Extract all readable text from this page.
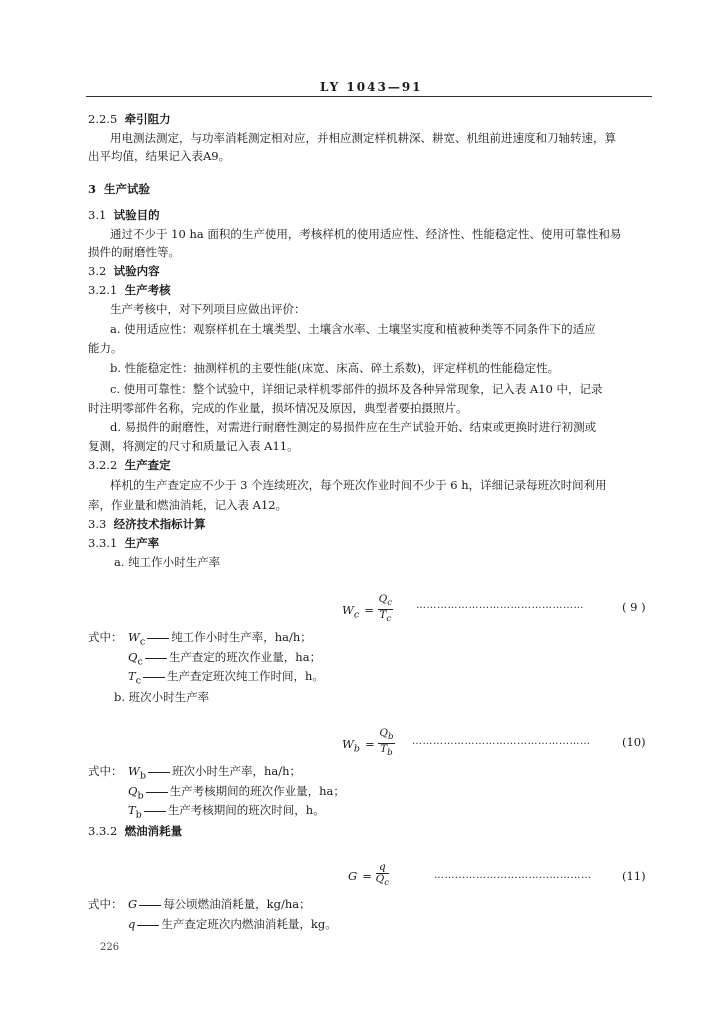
LY 1043—91
2.2.5 牵引阻力
用电测法测定，与功率消耗测定相对应，并相应测定样机耕深、耕宽、机组前进速度和刀轴转速，算
出平均值，结果记入表A9。
3 生产试验
3.1 试验目的
通过不少于 10 ha 面积的生产使用，考核样机的使用适应性、经济性、性能稳定性、使用可靠性和易
损件的耐磨性等。
3.2 试验内容
3.2.1 生产考核
生产考核中，对下列项目应做出评价：
a. 使用适应性：观察样机在土壤类型、土壤含水率、土壤坚实度和植被种类等不同条件下的适应
能力。
b. 性能稳定性：抽测样机的主要性能(床宽、床高、碎土系数)，评定样机的性能稳定性。
c. 使用可靠性：整个试验中，详细记录样机零部件的损坏及各种异常现象，记入表 A10 中，记录
时注明零部件名称，完成的作业量，损坏情况及原因，典型者要拍摄照片。
d. 易损件的耐磨性，对需进行耐磨性测定的易损件应在生产试验开始、结束或更换时进行初测或
复测，将测定的尺寸和质量记入表 A11。
3.2.2 生产查定
样机的生产查定应不少于 3 个连续班次，每个班次作业时间不少于 6 h，详细记录每班次时间利用
率，作业量和燃油消耗，记入表 A12。
3.3 经济技术指标计算
3.3.1 生产率
a. 纯工作小时生产率
$W_c = \frac{Q_c}{T_c}$ …………………………………………	( 9 )
式中： $W_c$ 纯工作小时生产率，ha/h；
$Q_c$ 生产查定的班次作业量，ha；
$T_c$ 生产查定班次纯工作时间，h。
b. 班次小时生产率
$W_b = \frac{Q_b}{T_b}$ ……………………………………………	(10)
式中： $W_b$ 班次小时生产率，ha/h；
$Q_b$ 生产考核期间的班次作业量，ha；
$T_b$ 生产考核期间的班次时间，h。
3.3.2 燃油消耗量
$G = \frac{q}{Q_c}$	………………………………………	(11)
式中： G 每公顷燃油消耗量，kg/ha；
q 生产查定班次内燃油消耗量，kg。
226
